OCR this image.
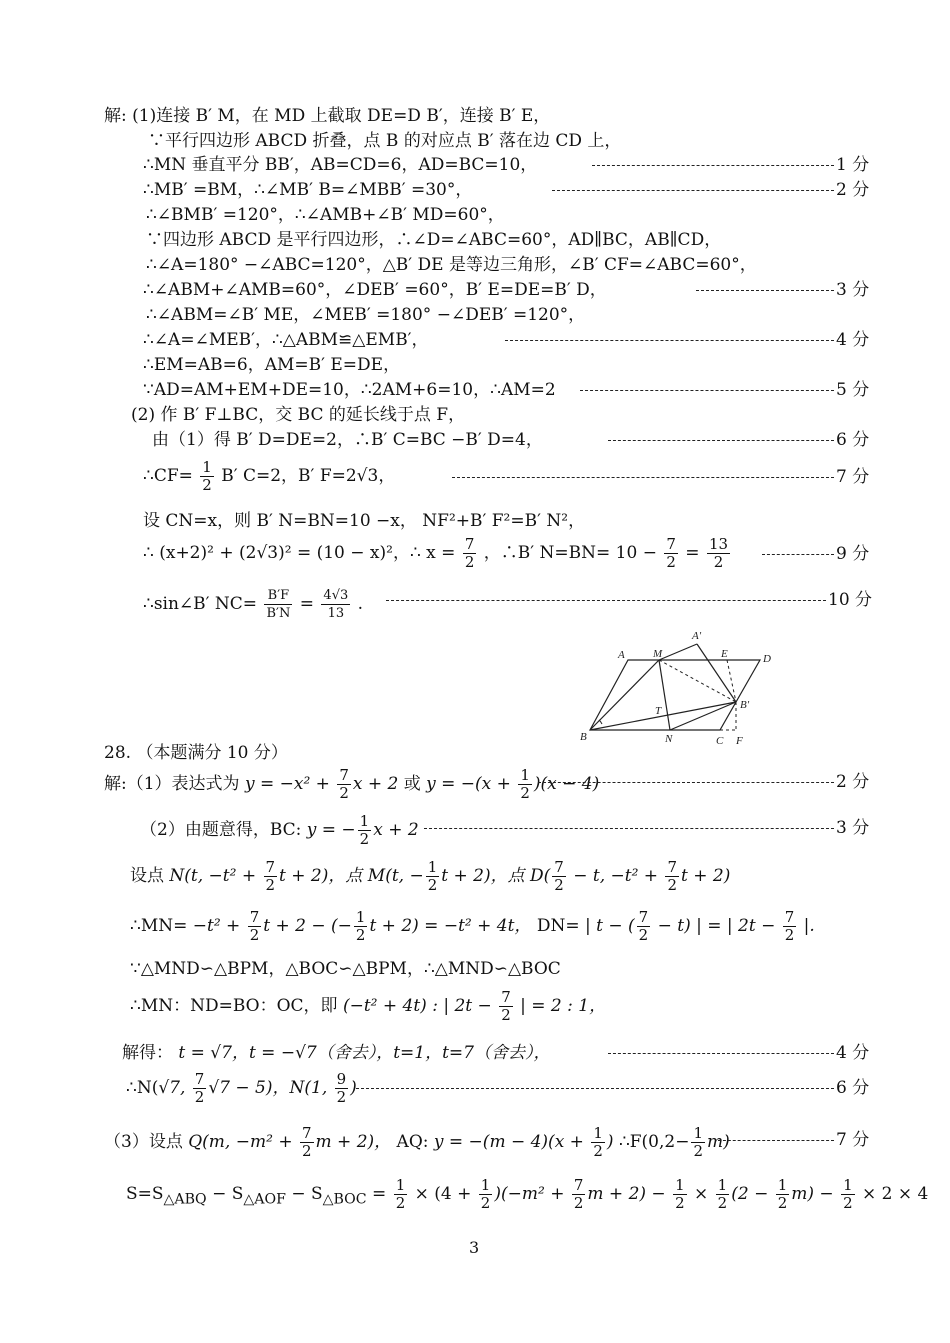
解: (1)连接 B′ M，在 MD 上截取 DE=D B′，连接 B′ E，
∵平行四边形 ABCD 折叠，点 B 的对应点 B′ 落在边 CD 上，
∴MN 垂直平分 BB′，AB=CD=6，AD=BC=10，	1 分
∴MB′ =BM，∴∠MB′ B=∠MBB′ =30°，	2 分
∴∠BMB′ =120°，∴∠AMB+∠B′ MD=60°，
∵四边形 ABCD 是平行四边形，∴∠D=∠ABC=60°，AD∥BC，AB∥CD，
∴∠A=180° −∠ABC=120°，△B′ DE 是等边三角形，∠B′ CF=∠ABC=60°，
∴∠ABM+∠AMB=60°，∠DEB′ =60°，B′ E=DE=B′ D，	3 分
∴∠ABM=∠B′ ME，∠MEB′ =180° −∠DEB′ =120°，
∴∠A=∠MEB′，∴△ABM≌△EMB′，	4 分
∴EM=AB=6，AM=B′ E=DE，
∵AD=AM+EM+DE=10，∴2AM+6=10，∴AM=2	5 分
(2) 作 B′ F⊥BC，交 BC 的延长线于点 F，
由（1）得 B′ D=DE=2，∴B′ C=BC −B′ D=4，	6 分
∴CF= $\frac{1}{2} B'$ C=2，B′ F=2√3，	7 分
设 CN=x，则 B′ N=BN=10 −x， NF²+B′ F²=B′ N²，
∴ (x+2)² + (2√3)² = (10 − x)²，∴ $x = \frac{7}{2}$ ，∴B′ $N=BN= 10 - \frac{7}{2} = \frac{13}{2}$	9 分
∴sin∠B′ $NC= \frac{B'F}{B'N} = \frac{4√3}{13}$ .	10 分
A	M
A′
E	D
T	B′
B	N	C F
28. （本题满分 10 分）
解:（1）表达式为 $y = -x^2 + \frac{7}{2}$ x + 2 或 $y = -(x + \frac{1}{2} )(x - 4)$	2 分
（2）由题意得，BC: y = − $\frac{1}{2}$ x + 2	3 分
设点 N(t, $-t^2 + \frac{7}{2}$ t + 2)，点 M(t, − $\frac{1}{2}$ t + 2)，点 $D( \frac{7}{2} - t$, $-t^2 + \frac{7}{2}$ t + 2)
∴MN= $-t^2 + \frac{7}{2}$ t + 2 − (− $\frac{1}{2}$ t + 2) = −t² + 4t， DN= | t − ( $\frac{7}{2} - t$) | = | $2t - \frac{7}{2}$ |.
∵△MND∽△BPM，△BOC∽△BPM，∴△MND∽△BOC
∴MN：ND=BO：OC，即 (−t² + 4t) : | $2t - \frac{7}{2}$ | = 2 : 1，
解得： t = √7，t = −√7（舍去），t=1，t=7（舍去），	4 分
∴N(√7, $\frac{7}{2} √7 - 5$)，N(1, $\frac{9}{2}$ )	6 分
（3）设点 Q(m, $-m^2 + \frac{7}{2}$ m + 2)， AQ: $y = -(m - 4)(x + \frac{1}{2}$ ) ∴F(0,2− $\frac{1}{2} m$)	7 分
$S=S_{\triangle ABQ} - S_{\triangle AOF} - S_{\triangle BOC} = \frac{1}{2} \times (4 + \frac{1}{2} )(-m^2 + \frac{7}{2}$ $m + 2) - \frac{1}{2} \times \frac{1}{2} (2 - \frac{1}{2} m) - \frac{1}{2} \times 2 \times 4$
3
